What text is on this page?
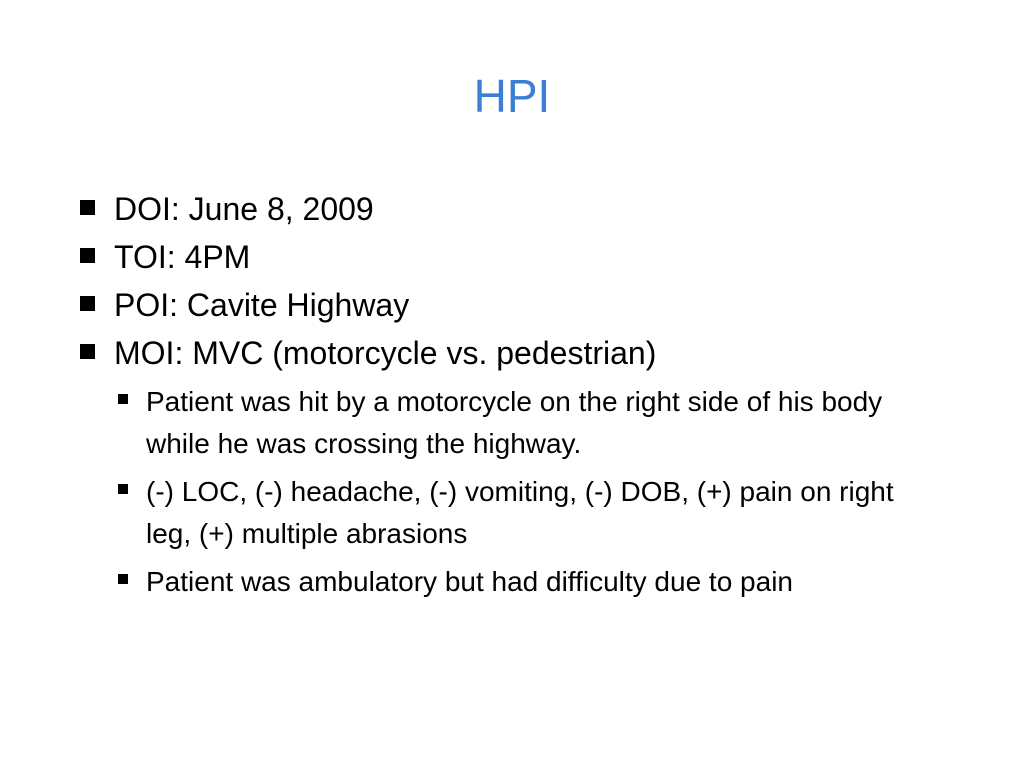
HPI
DOI: June 8, 2009
TOI: 4PM
POI: Cavite Highway
MOI: MVC (motorcycle vs. pedestrian)
Patient was hit by a motorcycle on the right side of his body while he was crossing the highway.
(-) LOC, (-) headache, (-) vomiting, (-) DOB, (+) pain on right leg, (+) multiple abrasions
Patient was ambulatory but had difficulty due to pain
